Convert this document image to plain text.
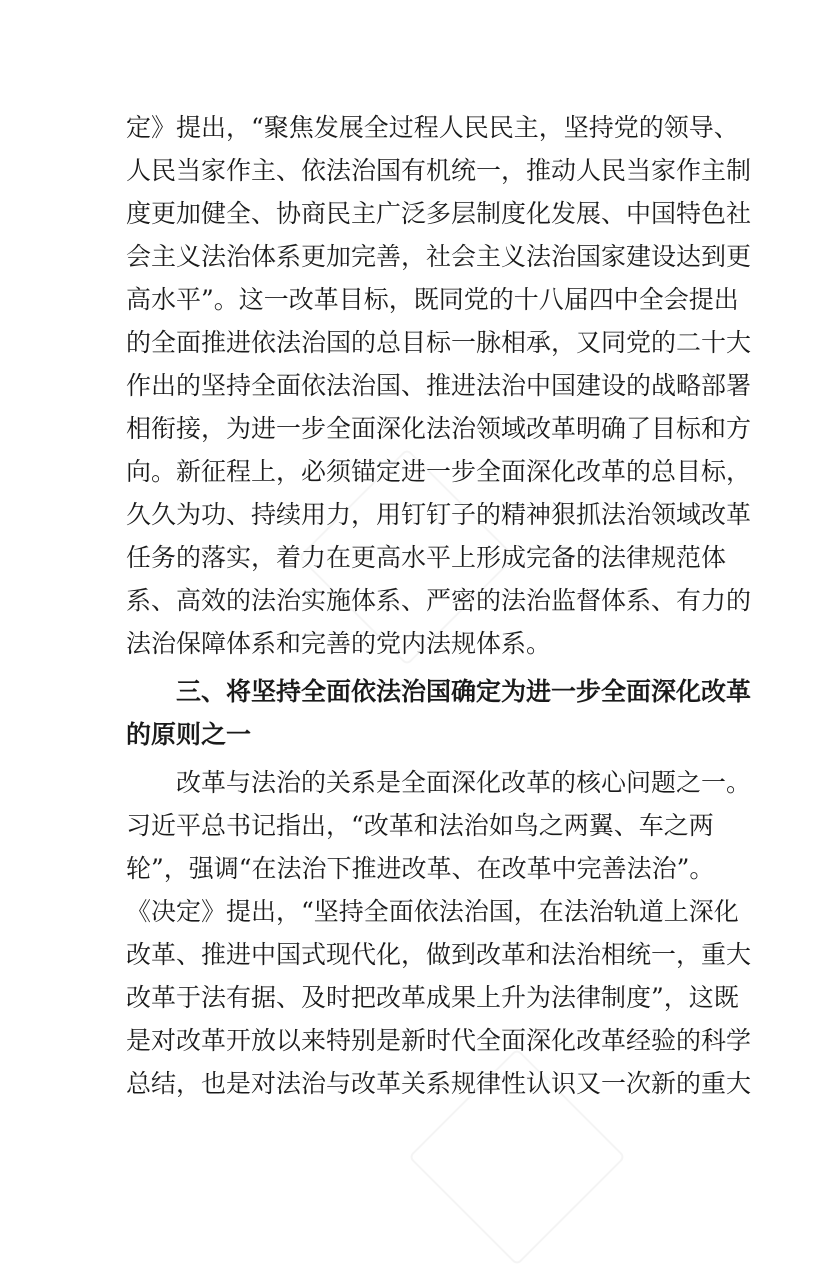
定》提出，“聚焦发展全过程人民民主，坚持党的领导、
人民当家作主、依法治国有机统一，推动人民当家作主制
度更加健全、协商民主广泛多层制度化发展、中国特色社
会主义法治体系更加完善，社会主义法治国家建设达到更
高水平”。这一改革目标，既同党的十八届四中全会提出
的全面推进依法治国的总目标一脉相承，又同党的二十大
作出的坚持全面依法治国、推进法治中国建设的战略部署
相衔接，为进一步全面深化法治领域改革明确了目标和方
向。新征程上，必须锚定进一步全面深化改革的总目标，
久久为功、持续用力，用钉钉子的精神狠抓法治领域改革
任务的落实，着力在更高水平上形成完备的法律规范体
系、高效的法治实施体系、严密的法治监督体系、有力的
法治保障体系和完善的党内法规体系。
三、将坚持全面依法治国确定为进一步全面深化改革
的原则之一
改革与法治的关系是全面深化改革的核心问题之一。
习近平总书记指出，“改革和法治如鸟之两翼、车之两
轮”，强调“在法治下推进改革、在改革中完善法治”。
《决定》提出，“坚持全面依法治国，在法治轨道上深化
改革、推进中国式现代化，做到改革和法治相统一，重大
改革于法有据、及时把改革成果上升为法律制度”，这既
是对改革开放以来特别是新时代全面深化改革经验的科学
总结，也是对法治与改革关系规律性认识又一次新的重大
